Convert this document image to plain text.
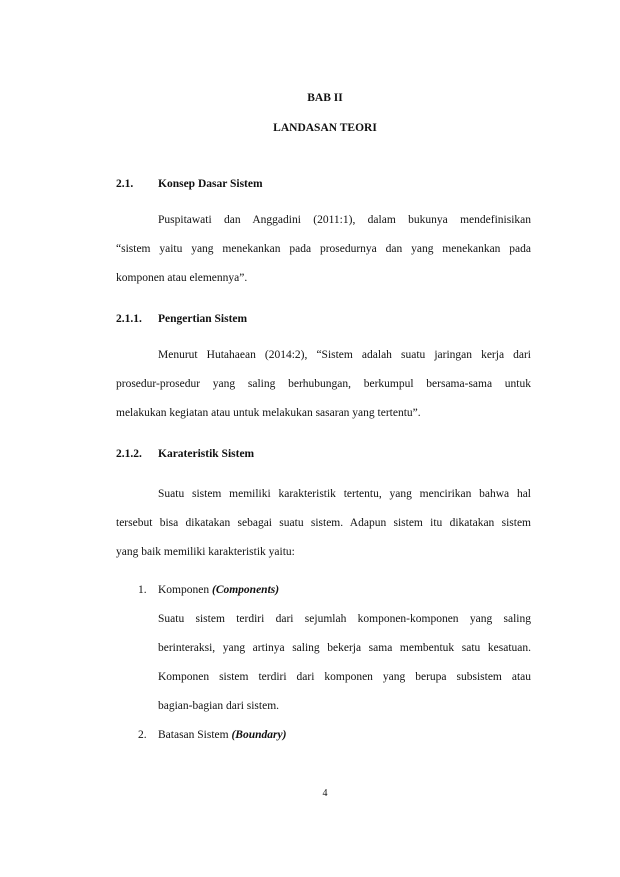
BAB II
LANDASAN TEORI
2.1. Konsep Dasar Sistem
Puspitawati dan Anggadini (2011:1), dalam bukunya mendefinisikan
“sistem yaitu yang menekankan pada prosedurnya dan yang menekankan pada
komponen atau elemennya”.
2.1.1. Pengertian Sistem
Menurut Hutahaean (2014:2), “Sistem adalah suatu jaringan kerja dari
prosedur-prosedur yang saling berhubungan, berkumpul bersama-sama untuk
melakukan kegiatan atau untuk melakukan sasaran yang tertentu”.
2.1.2. Karateristik Sistem
Suatu sistem memiliki karakteristik tertentu, yang mencirikan bahwa hal
tersebut bisa dikatakan sebagai suatu sistem. Adapun sistem itu dikatakan sistem
yang baik memiliki karakteristik yaitu:
1. Komponen (Components)
Suatu sistem terdiri dari sejumlah komponen-komponen yang saling
berinteraksi, yang artinya saling bekerja sama membentuk satu kesatuan.
Komponen sistem terdiri dari komponen yang berupa subsistem atau
bagian-bagian dari sistem.
2. Batasan Sistem (Boundary)
4
